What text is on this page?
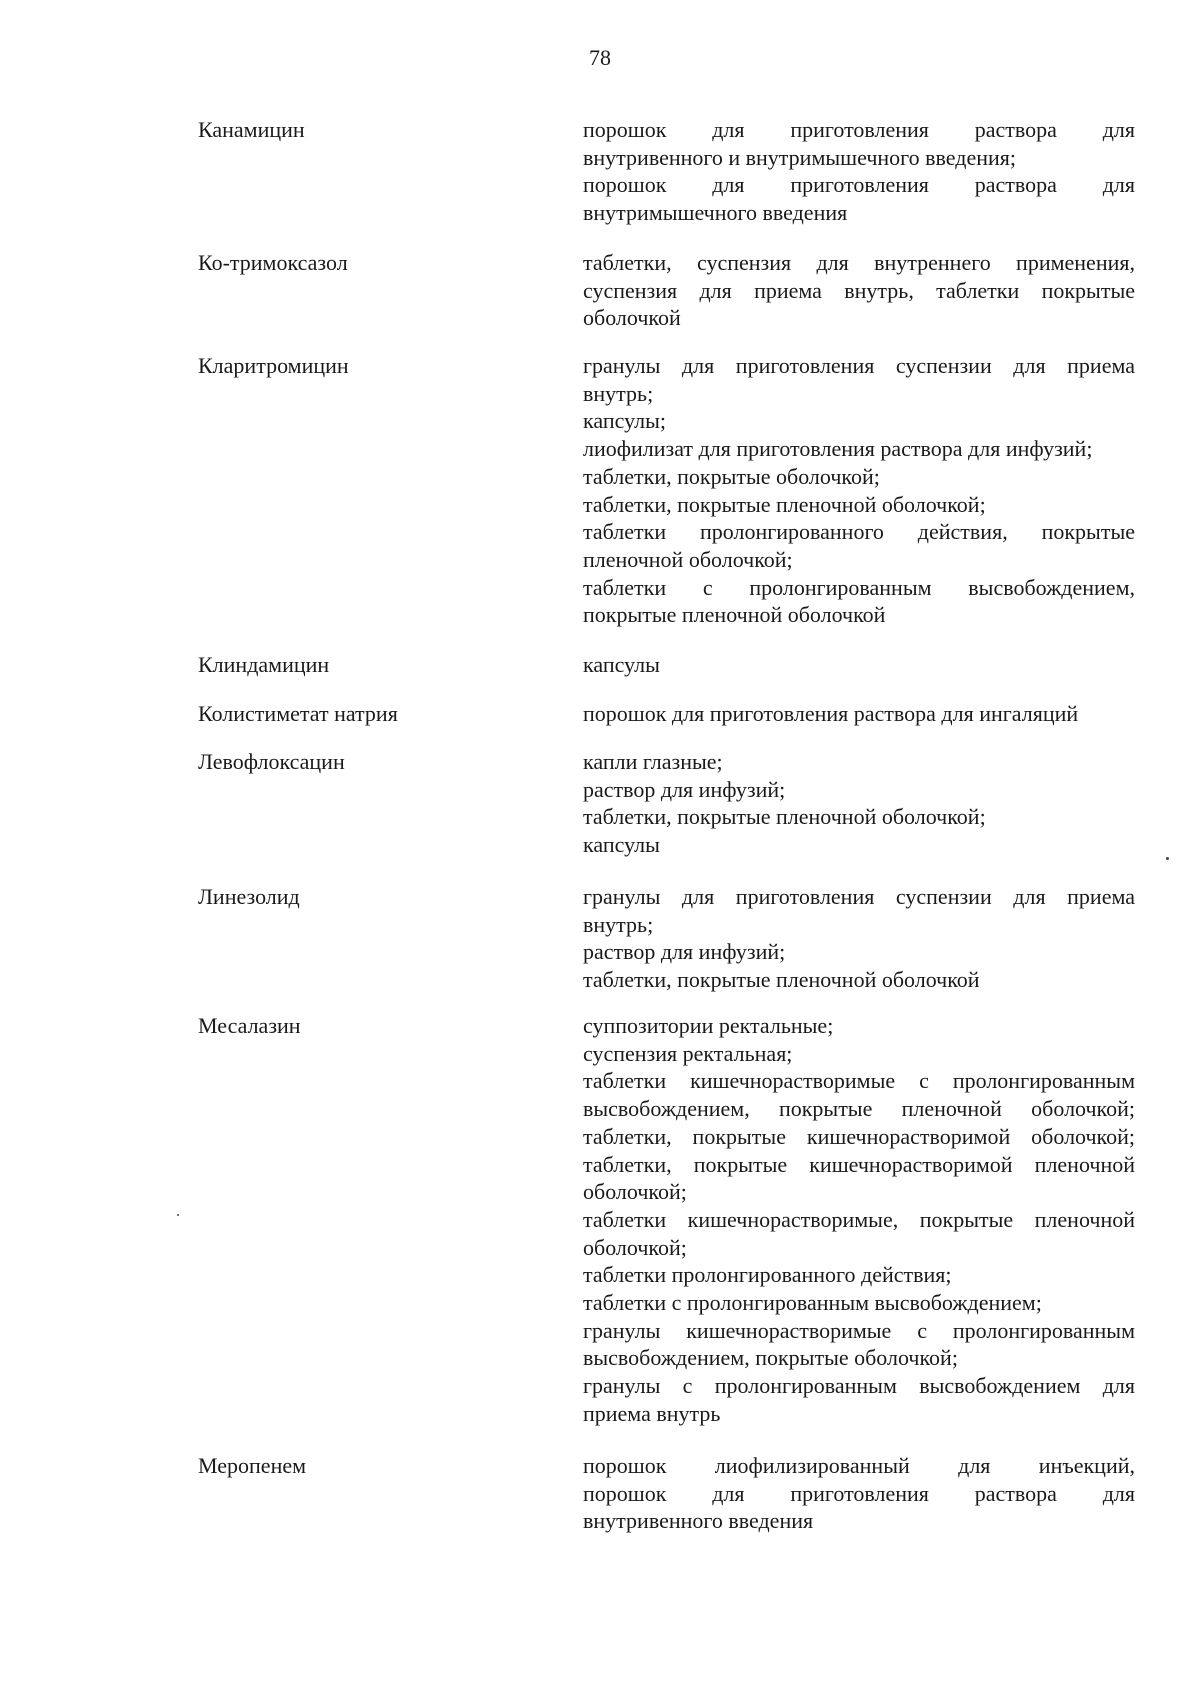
78
Канамицин	порошок для приготовления раствора для
внутривенного и внутримышечного введения;
порошок для приготовления раствора для
внутримышечного введения
Ко-тримоксазол	таблетки, суспензия для внутреннего применения,
суспензия для приема внутрь, таблетки покрытые
оболочкой
Кларитромицин	гранулы для приготовления суспензии для приема
внутрь;
капсулы;
лиофилизат для приготовления раствора для инфузий;
таблетки, покрытые оболочкой;
таблетки, покрытые пленочной оболочкой;
таблетки пролонгированного действия, покрытые
пленочной оболочкой;
таблетки с пролонгированным высвобождением,
покрытые пленочной оболочкой
Клиндамицин	капсулы
Колистиметат натрия	порошок для приготовления раствора для ингаляций
Левофлоксацин	капли глазные;
раствор для инфузий;
таблетки, покрытые пленочной оболочкой;
капсулы
Линезолид	гранулы для приготовления суспензии для приема
внутрь;
раствор для инфузий;
таблетки, покрытые пленочной оболочкой
Месалазин	суппозитории ректальные;
суспензия ректальная;
таблетки кишечнорастворимые с пролонгированным
высвобождением, покрытые пленочной оболочкой;
таблетки, покрытые кишечнорастворимой оболочкой;
таблетки, покрытые кишечнорастворимой пленочной
оболочкой;
таблетки кишечнорастворимые, покрытые пленочной
оболочкой;
таблетки пролонгированного действия;
таблетки с пролонгированным высвобождением;
гранулы кишечнорастворимые с пролонгированным
высвобождением, покрытые оболочкой;
гранулы с пролонгированным высвобождением для
приема внутрь
Меропенем	порошок лиофилизированный для инъекций,
порошок для приготовления раствора для
внутривенного введения
